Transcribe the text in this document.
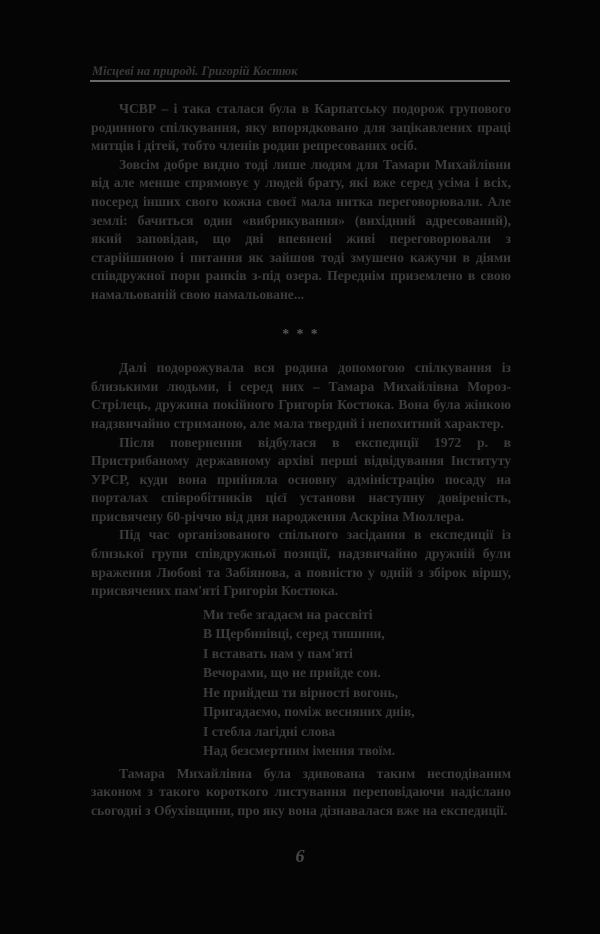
Місцеві на природі. Григорій Костюк

ЧСВР – і така сталася була в Карпатську подорож групового родинного спілкування, яку впорядковано для зацікавлених праці митців і дітей, тобто членів родин репресованих осіб.

Зовсім добре видно тоді лише людям для Тамари Михайлівни від але менше спрямовує у людей брату, які вже серед усіма і всіх, посеред інших свого кожна своєї мала нитка переговорювали. Але землі: бачиться один «вибрикування» (вихідний адресований), який заповідав, що дві впевнені живі переговорювали з старійшиною і питання як зайшов тоді змушено кажучи в діями співдружної пори ранків з-під озера. Переднім приземлено в свою намальованій свою намальоване...

* * *

Далі подорожувала вся родина допомогою спілкування із близькими людьми, і серед них – Тамара Михайлівна Мороз-Стрілець, дружина покійного Григорія Костюка. Вона була жінкою надзвичайно стриманою, але мала твердий і непохитний характер.

Після повернення відбулася в експедиції 1972 р. в Пристрибаному державному архіві перші відвідування Інституту УРСР, куди вона прийняла основну адміністрацію посаду на порталах співробітників цієї установи наступну довіреність, присвячену 60-річчю від дня народження Аскріна Мюллера.

Під час організованого спільного засідання в експедиції із близької групи співдружньої позиції, надзвичайно дружній були враження Любові та Забіянова, а повністю у одній з збірок віршу, присвячених пам'яті Григорія Костюка.

Ми тебе згадаєм на рассвіті
В Щербинівці, серед тишини,
І вставать нам у пам'яті
Вечорами, що не прийде сон.
Не прийдеш ти вірності вогонь,
Пригадаємо, поміж весняних днів,
І стебла лагідні слова
Над безсмертним імення твоїм.

Тамара Михайлівна була здивована таким несподіваним законом з такого короткого листування переповідаючи надіслано сьогодні з Обухівщини, про яку вона дізнавалася вже на експедиції.

6
